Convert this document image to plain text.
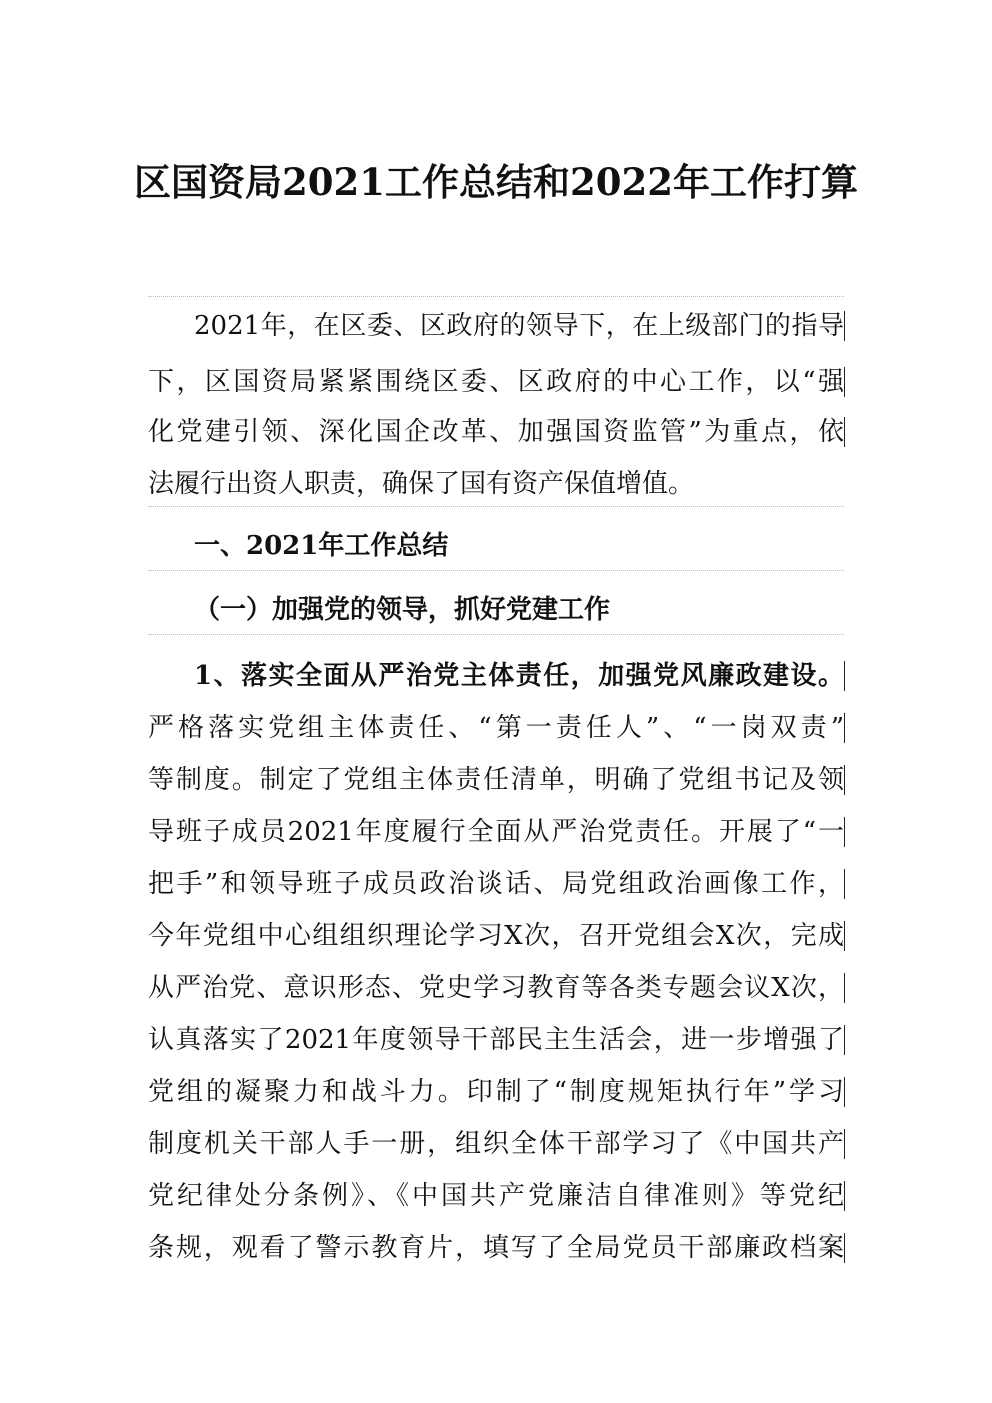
区国资局2021工作总结和2022年工作打算
2021年，在区委、区政府的领导下，在上级部门的指导
下，区国资局紧紧围绕区委、区政府的中心工作，以“强
化党建引领、深化国企改革、加强国资监管”为重点，依
法履行出资人职责，确保了国有资产保值增值。
一、2021年工作总结
（一）加强党的领导，抓好党建工作
1、落实全面从严治党主体责任，加强党风廉政建设。
严格落实党组主体责任、“第一责任人”、“一岗双责”
等制度。制定了党组主体责任清单，明确了党组书记及领
导班子成员2021年度履行全面从严治党责任。开展了“一
把手”和领导班子成员政治谈话、局党组政治画像工作，
今年党组中心组组织理论学习X次，召开党组会X次，完成
从严治党、意识形态、党史学习教育等各类专题会议X次，
认真落实了2021年度领导干部民主生活会，进一步增强了
党组的凝聚力和战斗力。印制了“制度规矩执行年”学习
制度机关干部人手一册，组织全体干部学习了《中国共产
党纪律处分条例》、《中国共产党廉洁自律准则》等党纪
条规，观看了警示教育片，填写了全局党员干部廉政档案
